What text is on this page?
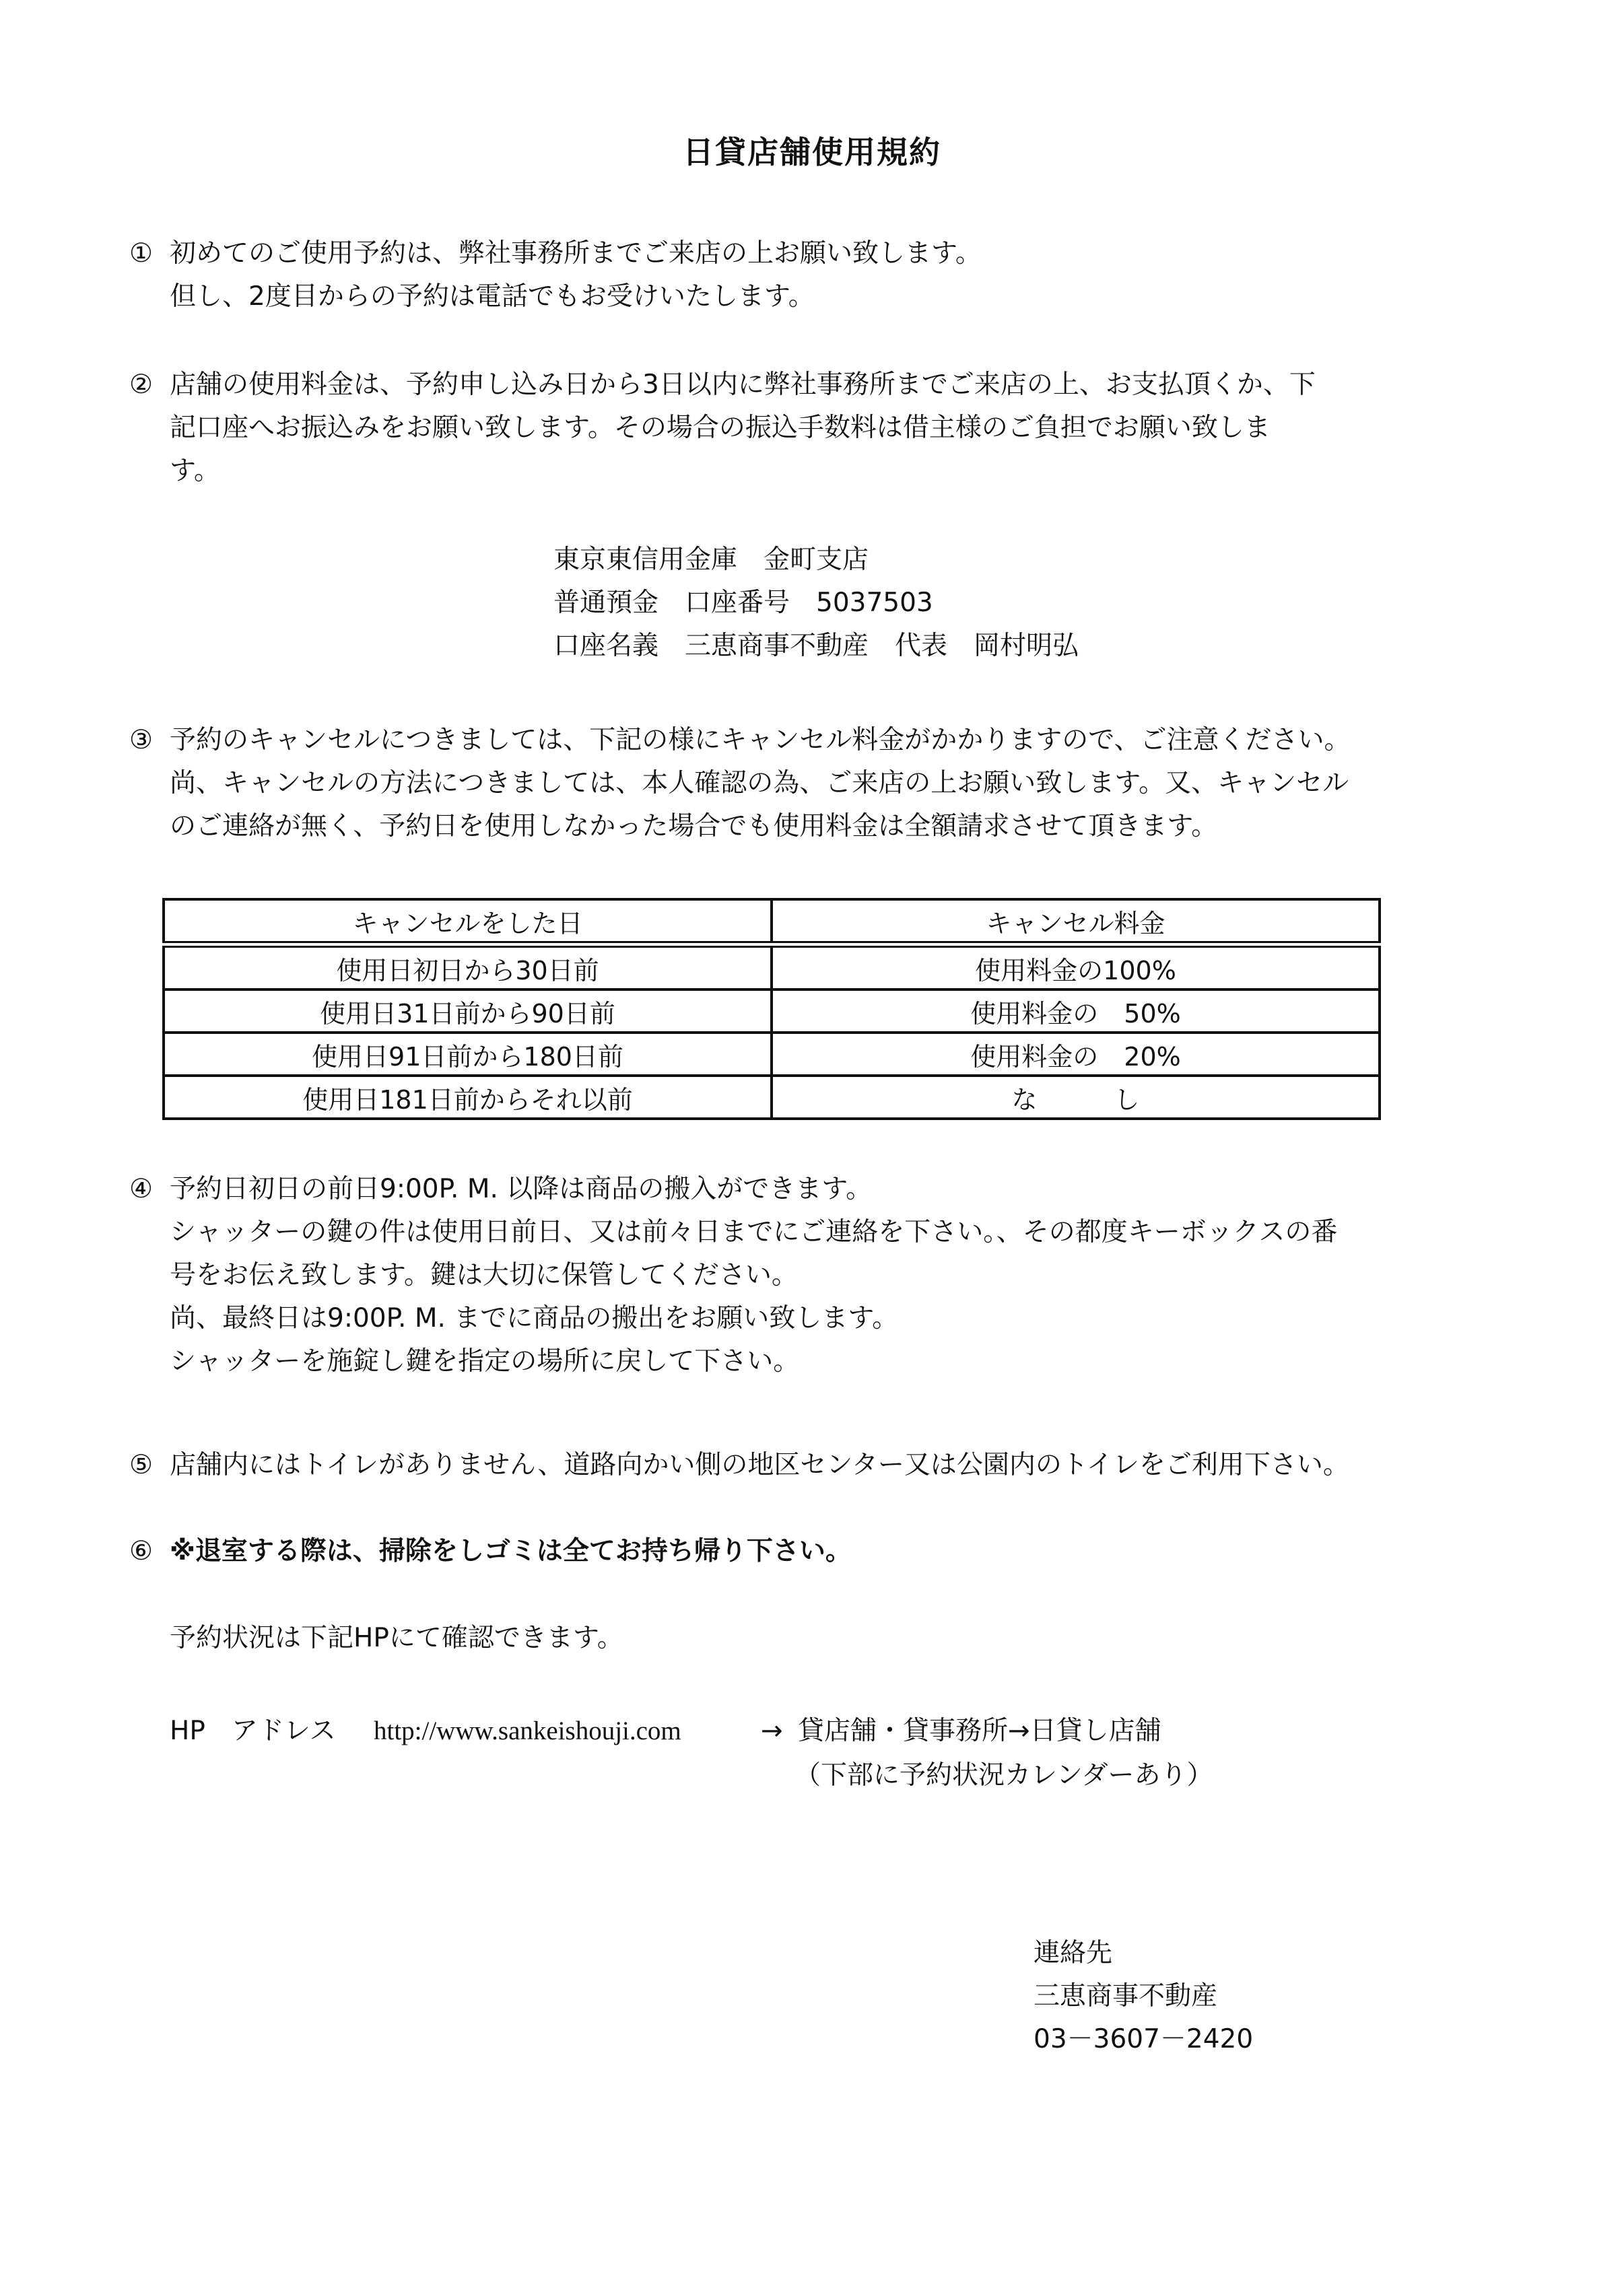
日貸店舗使用規約
① 初めてのご使用予約は、弊社事務所までご来店の上お願い致します。
但し、2度目からの予約は電話でもお受けいたします。
② 店舗の使用料金は、予約申し込み日から3日以内に弊社事務所までご来店の上、お支払頂くか、下
記口座へお振込みをお願い致します。その場合の振込手数料は借主様のご負担でお願い致しま
す。
東京東信用金庫　金町支店
普通預金　口座番号　5037503
口座名義　三恵商事不動産　代表　岡村明弘
③ 予約のキャンセルにつきましては、下記の様にキャンセル料金がかかりますので、ご注意ください。
尚、キャンセルの方法につきましては、本人確認の為、ご来店の上お願い致します。又、キャンセル
のご連絡が無く、予約日を使用しなかった場合でも使用料金は全額請求させて頂きます。
キャンセルをした日	キャンセル料金
使用日初日から30日前	使用料金の100%
使用日31日前から90日前	使用料金の　50%
使用日91日前から180日前	使用料金の　20%
使用日181日前からそれ以前	な　　　し
④ 予約日初日の前日9:00P. M. 以降は商品の搬入ができます。
シャッターの鍵の件は使用日前日、又は前々日までにご連絡を下さい。、その都度キーボックスの番
号をお伝え致します。鍵は大切に保管してください。
尚、最終日は9:00P. M. までに商品の搬出をお願い致します。
シャッターを施錠し鍵を指定の場所に戻して下さい。
⑤ 店舗内にはトイレがありません、道路向かい側の地区センター又は公園内のトイレをご利用下さい。
⑥ ※退室する際は、掃除をしゴミは全てお持ち帰り下さい。
予約状況は下記HPにて確認できます。
HP　アドレス http://www.sankeishouji.com	→ 貸店舗・貸事務所→日貸し店舗
（下部に予約状況カレンダーあり）
連絡先
三恵商事不動産
03－3607－2420
